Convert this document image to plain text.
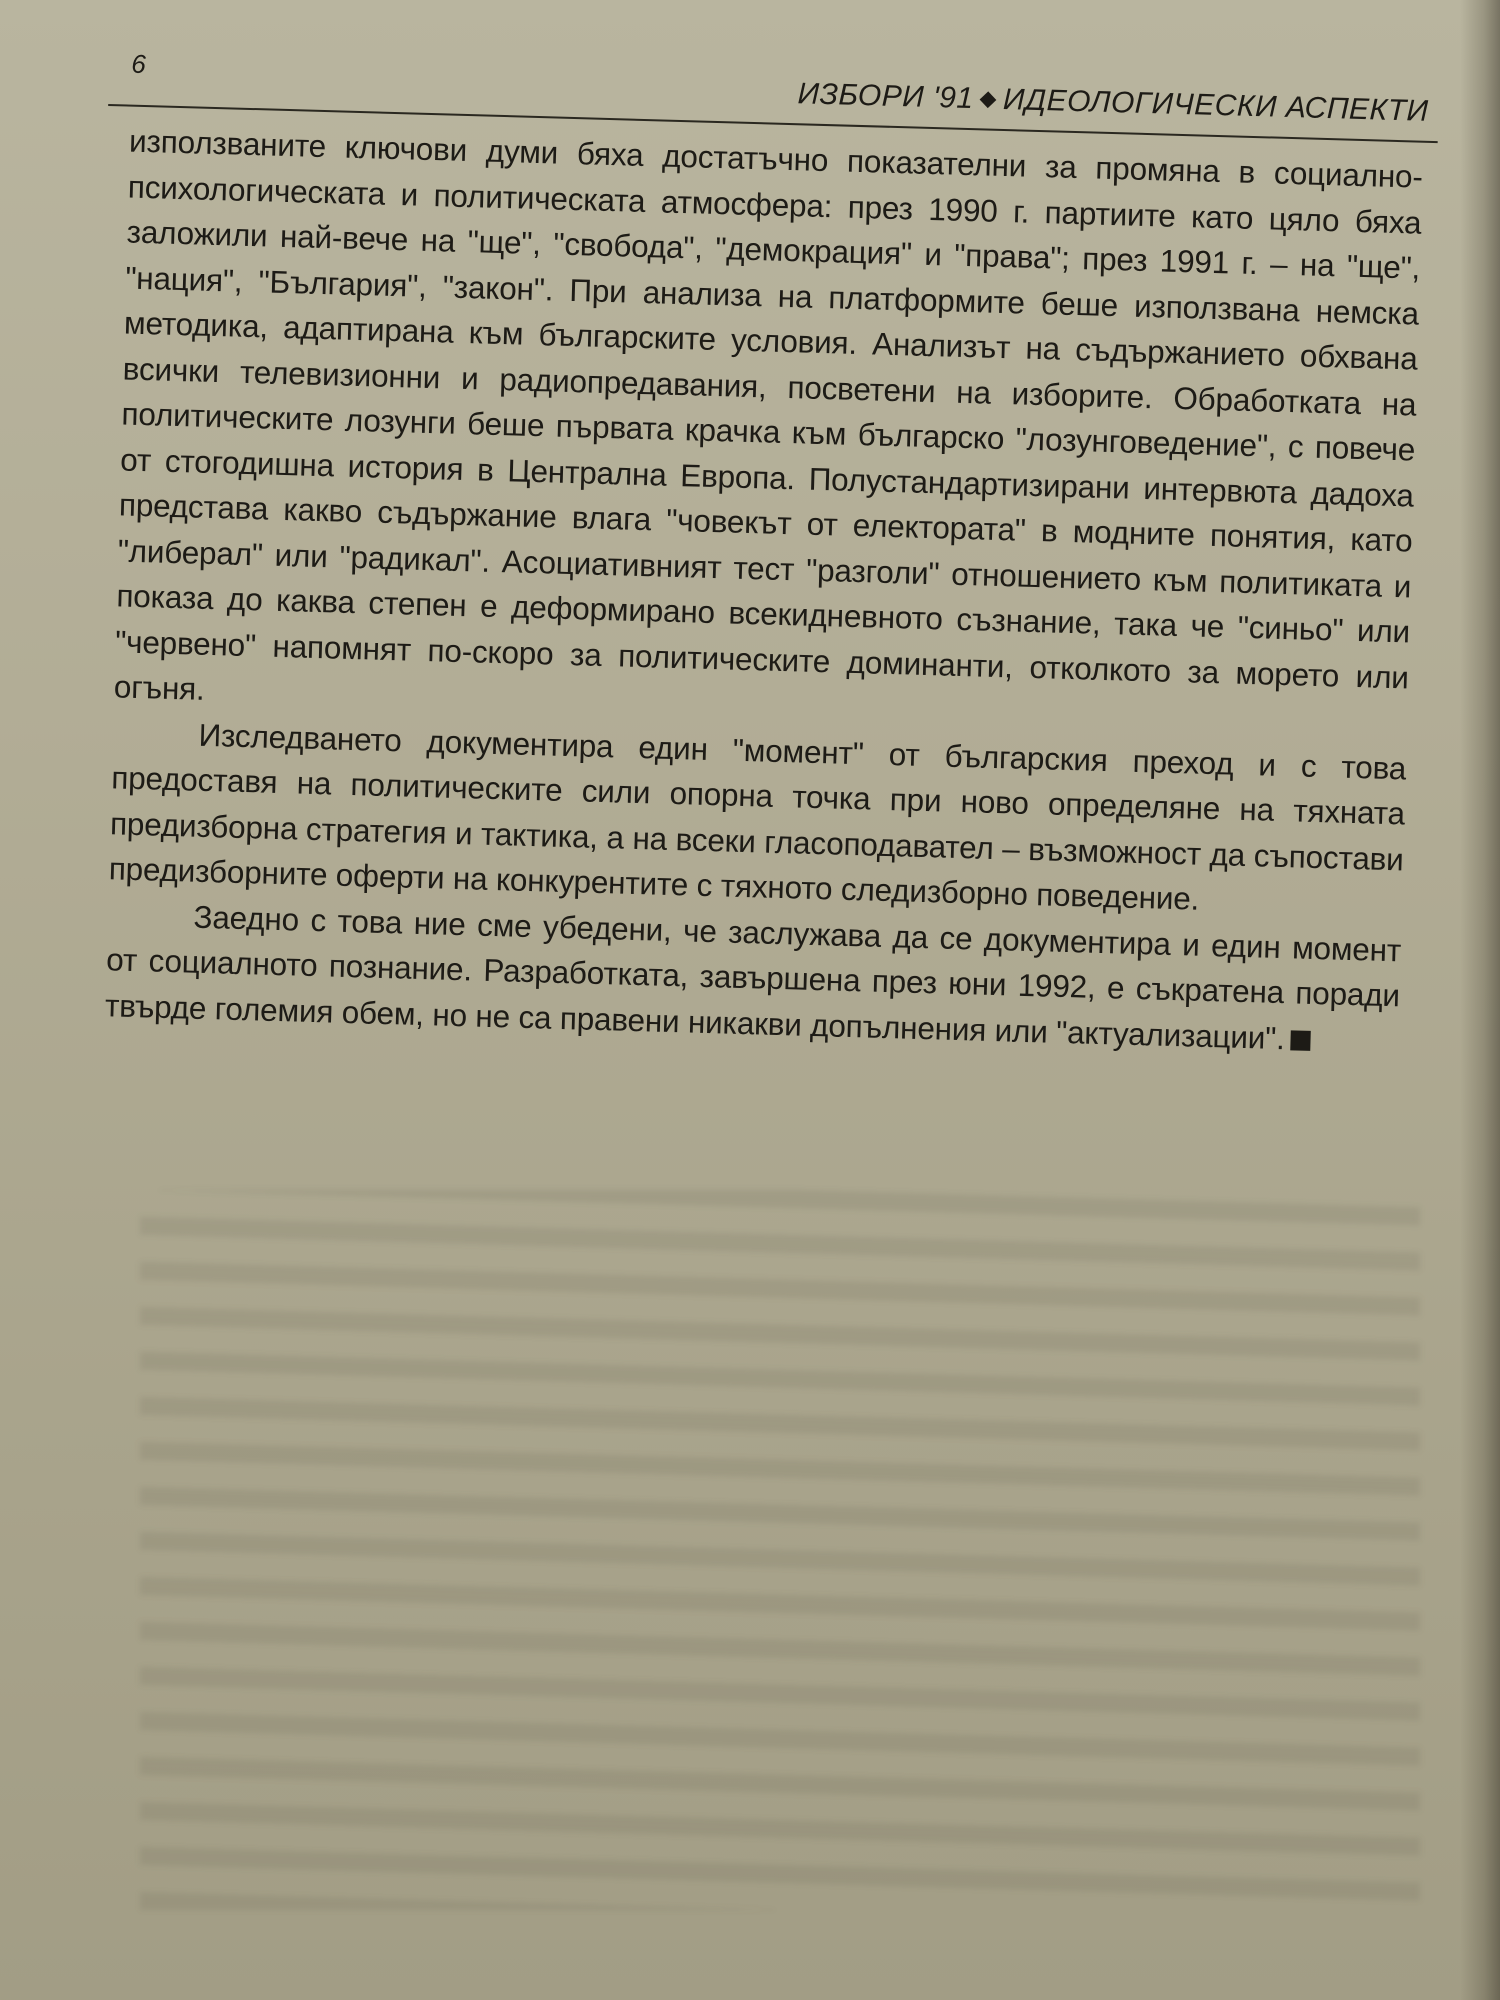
6
ИЗБОРИ '91 ◆ ИДЕОЛОГИЧЕСКИ АСПЕКТИ

използваните ключови думи бяха достатъчно показателни за промяна в социално-психологическата и политическата атмосфера: през 1990 г. партиите като цяло бяха заложили най-вече на "ще", "свобода", "демокрация" и "права"; през 1991 г. – на "ще", "нация", "България", "закон". При анализа на платформите беше използвана немска методика, адаптирана към българските условия. Анализът на съдържанието обхвана всички телевизионни и радиопредавания, посветени на изборите. Обработката на политическите лозунги беше първата крачка към българско "лозунговедение", с повече от стогодишна история в Централна Европа. Полустандартизирани интервюта дадоха представа какво съдържание влага "човекът от електората" в модните понятия, като "либерал" или "радикал". Асоциативният тест "разголи" отношението към политиката и показа до каква степен е деформирано всекидневното съзнание, така че "синьо" или "червено" напомнят по-скоро за политическите доминанти, отколкото за морето или огъня.

Изследването документира един "момент" от българския преход и с това предоставя на политическите сили опорна точка при ново определяне на тяхната предизборна стратегия и тактика, а на всеки гласоподавател – възможност да съпостави предизборните оферти на конкурентите с тяхното следизборно поведение.

Заедно с това ние сме убедени, че заслужава да се документира и един момент от социалното познание. Разработката, завършена през юни 1992, е съкратена поради твърде големия обем, но не са правени никакви допълнения или "актуализации".
